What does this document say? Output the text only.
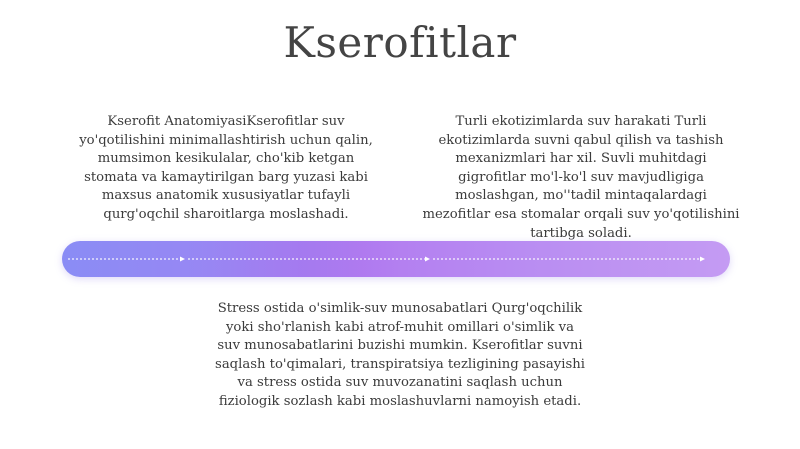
Kserofitlar
Kserofit AnatomiyasiKserofitlar suv yo'qotilishini minimallashtirish uchun qalin, mumsimon kesikulalar, cho'kib ketgan stomata va kamaytirilgan barg yuzasi kabi maxsus anatomik xususiyatlar tufayli qurg'oqchil sharoitlarga moslashadi.
Turli ekotizimlarda suv harakati Turli ekotizimlarda suvni qabul qilish va tashish mexanizmlari har xil. Suvli muhitdagi gigrofitlar mo'l-ko'l suv mavjudligiga moslashgan, mo''tadil mintaqalardagi mezofitlar esa stomalar orqali suv yo'qotilishini tartibga soladi.
Stress ostida o'simlik-suv munosabatlari Qurg'oqchilik yoki sho'rlanish kabi atrof-muhit omillari o'simlik va suv munosabatlarini buzishi mumkin. Kserofitlar suvni saqlash to'qimalari, transpiratsiya tezligining pasayishi va stress ostida suv muvozanatini saqlash uchun fiziologik sozlash kabi moslashuvlarni namoyish etadi.
